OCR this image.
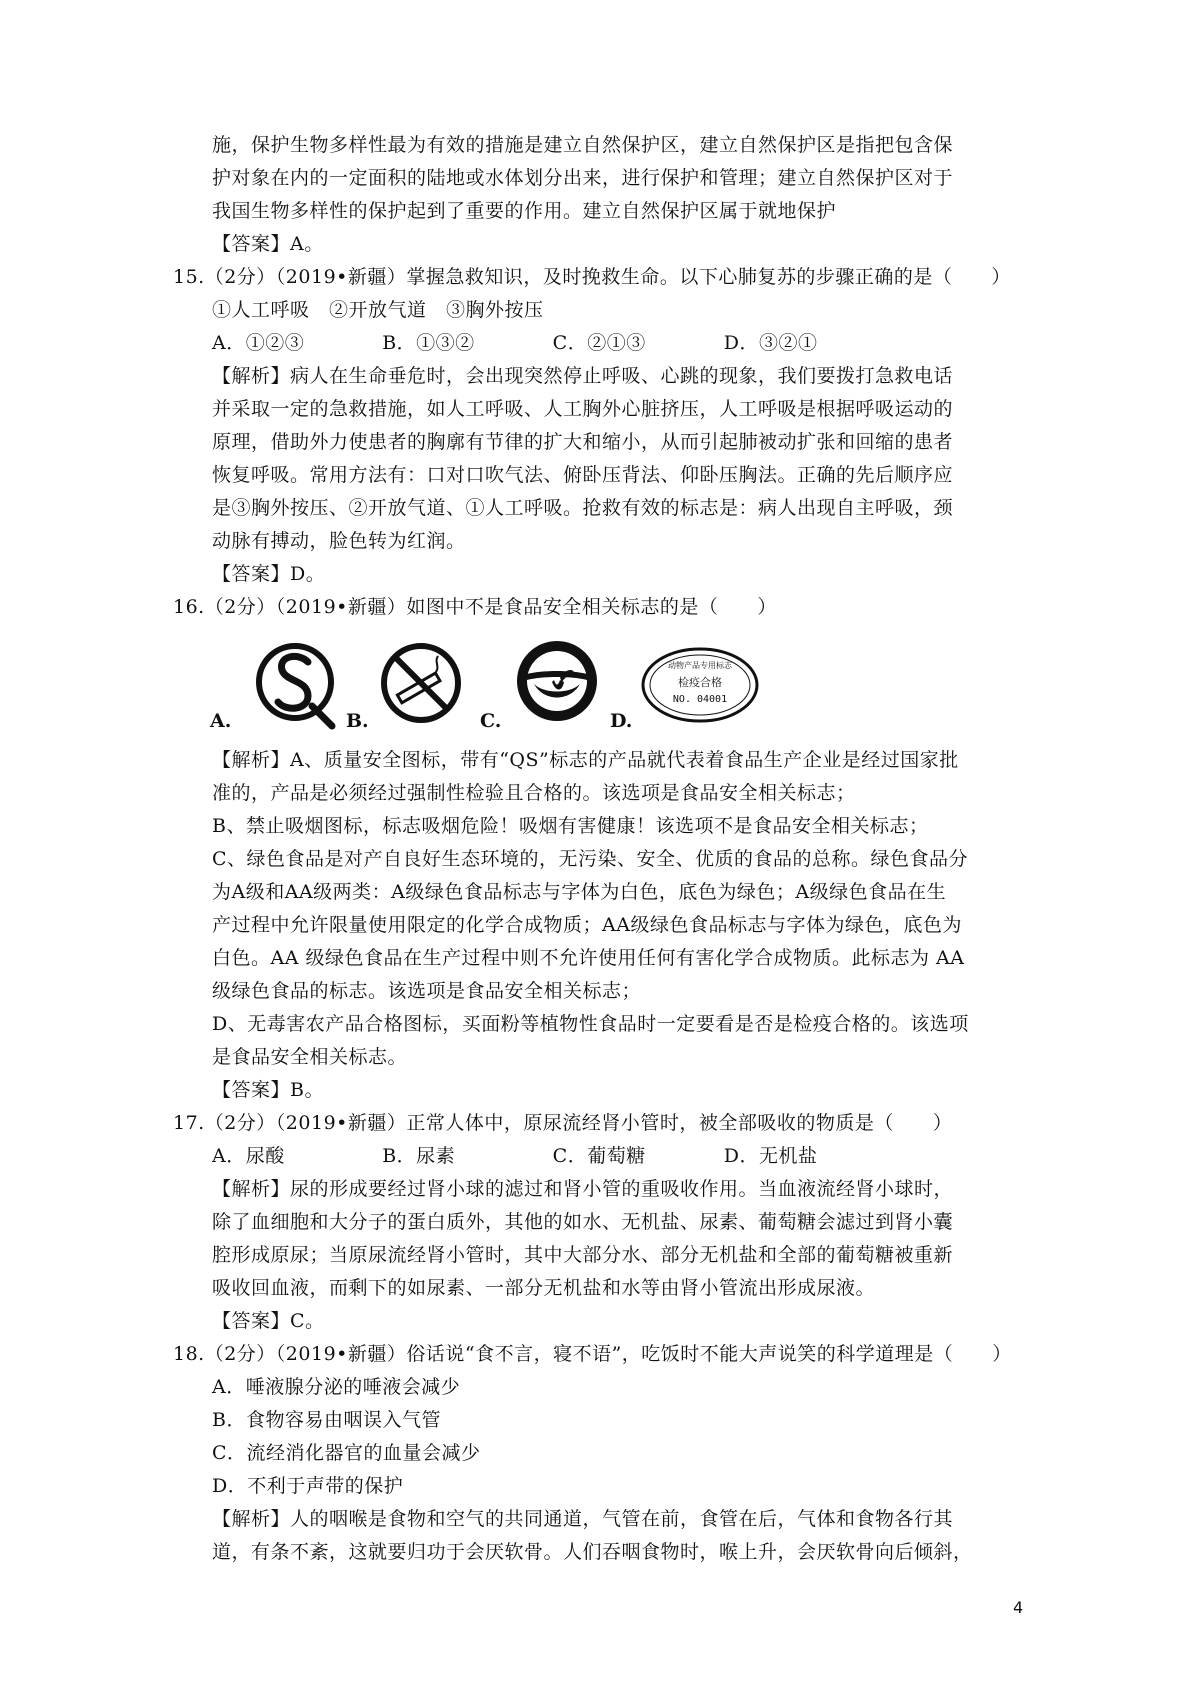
施，保护生物多样性最为有效的措施是建立自然保护区，建立自然保护区是指把包含保
护对象在内的一定面积的陆地或水体划分出来，进行保护和管理；建立自然保护区对于
我国生物多样性的保护起到了重要的作用。建立自然保护区属于就地保护
【答案】A。
15.（2分）（2019•新疆）掌握急救知识，及时挽救生命。以下心肺复苏的步骤正确的是（　　）
①人工呼吸　②开放气道　③胸外按压
A．①②③　　　　B．①③②　　　　C．②①③　　　　D．③②①
【解析】病人在生命垂危时，会出现突然停止呼吸、心跳的现象，我们要拨打急救电话
并采取一定的急救措施，如人工呼吸、人工胸外心脏挤压，人工呼吸是根据呼吸运动的
原理，借助外力使患者的胸廓有节律的扩大和缩小，从而引起肺被动扩张和回缩的患者
恢复呼吸。常用方法有：口对口吹气法、俯卧压背法、仰卧压胸法。正确的先后顺序应
是③胸外按压、②开放气道、①人工呼吸。抢救有效的标志是：病人出现自主呼吸，颈
动脉有搏动，脸色转为红润。
【答案】D。
16.（2分）（2019•新疆）如图中不是食品安全相关标志的是（　　）
A.	B.	C.	D.
动物产品专用标志
检疫合格
NO. 04001
【解析】A、质量安全图标，带有“QS”标志的产品就代表着食品生产企业是经过国家批
准的，产品是必须经过强制性检验且合格的。该选项是食品安全相关标志；
B、禁止吸烟图标，标志吸烟危险！吸烟有害健康！该选项不是食品安全相关标志；
C、绿色食品是对产自良好生态环境的，无污染、安全、优质的食品的总称。绿色食品分
为A级和AA级两类：A级绿色食品标志与字体为白色，底色为绿色；A级绿色食品在生
产过程中允许限量使用限定的化学合成物质；AA级绿色食品标志与字体为绿色，底色为
白色。AA 级绿色食品在生产过程中则不允许使用任何有害化学合成物质。此标志为 AA
级绿色食品的标志。该选项是食品安全相关标志；
D、无毒害农产品合格图标，买面粉等植物性食品时一定要看是否是检疫合格的。该选项
是食品安全相关标志。
【答案】B。
17.（2分）（2019•新疆）正常人体中，原尿流经肾小管时，被全部吸收的物质是（　　）
A．尿酸　　　　　B．尿素　　　　　C．葡萄糖　　　　D．无机盐
【解析】尿的形成要经过肾小球的滤过和肾小管的重吸收作用。当血液流经肾小球时，
除了血细胞和大分子的蛋白质外，其他的如水、无机盐、尿素、葡萄糖会滤过到肾小囊
腔形成原尿；当原尿流经肾小管时，其中大部分水、部分无机盐和全部的葡萄糖被重新
吸收回血液，而剩下的如尿素、一部分无机盐和水等由肾小管流出形成尿液。
【答案】C。
18.（2分）（2019•新疆）俗话说“食不言，寝不语”，吃饭时不能大声说笑的科学道理是（　　）
A．唾液腺分泌的唾液会减少
B．食物容易由咽误入气管
C．流经消化器官的血量会减少
D．不利于声带的保护
【解析】人的咽喉是食物和空气的共同通道，气管在前，食管在后，气体和食物各行其
道，有条不紊，这就要归功于会厌软骨。人们吞咽食物时，喉上升，会厌软骨向后倾斜，
4
